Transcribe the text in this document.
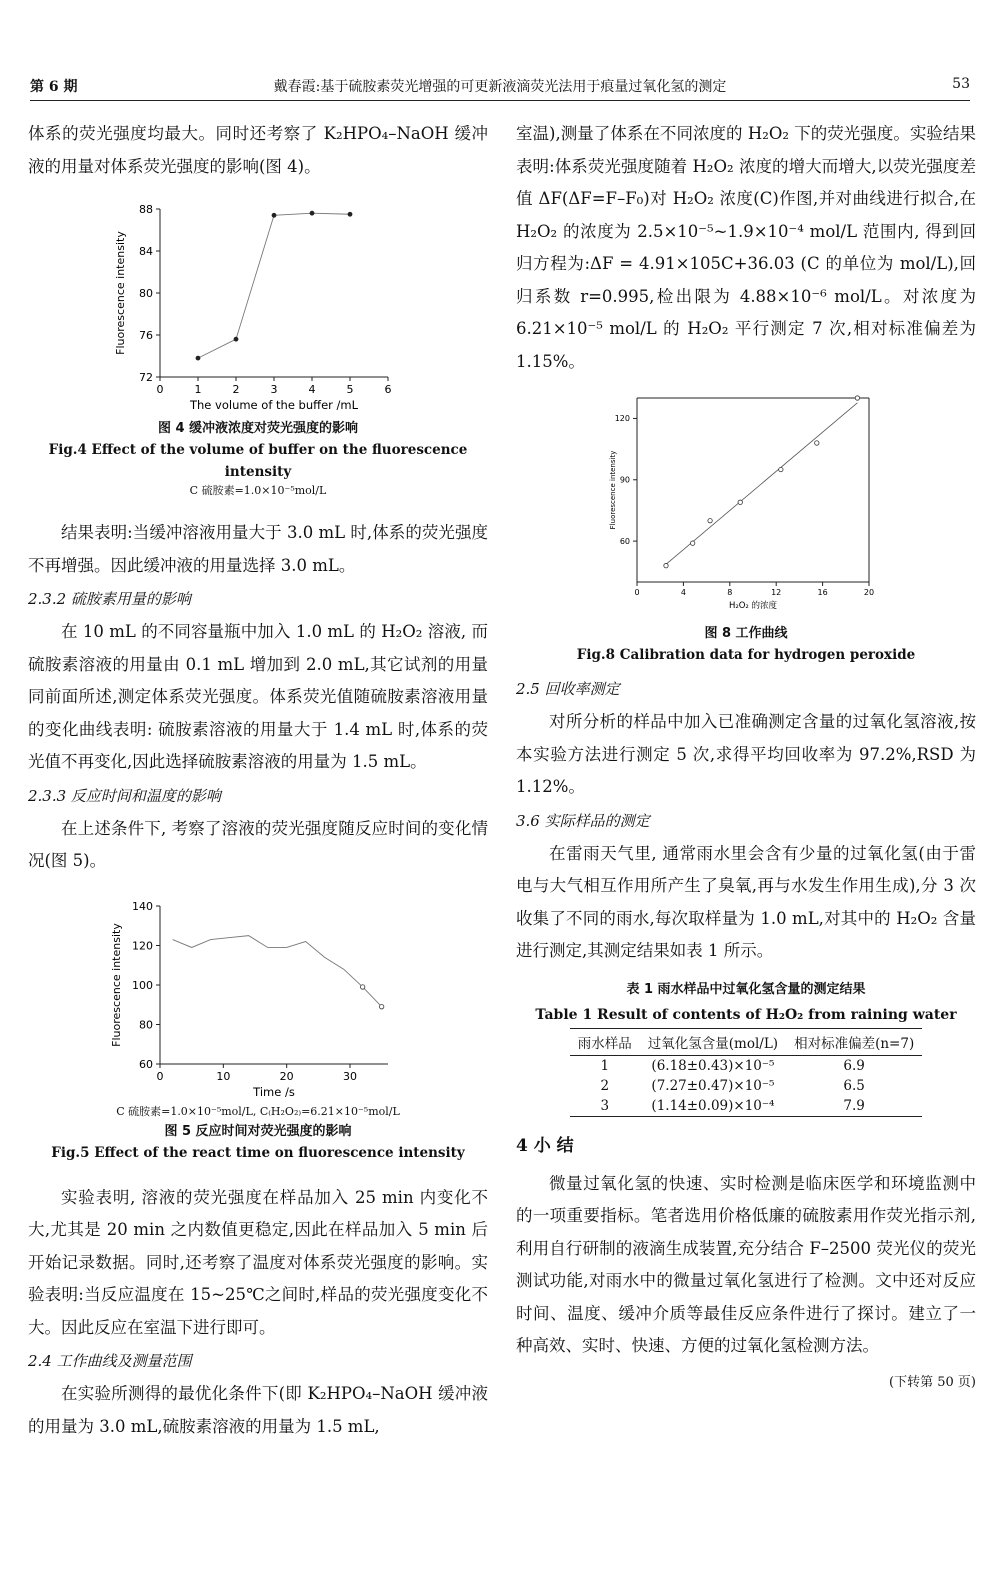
第 6 期	戴春霞:基于硫胺素荧光增强的可更新液滴荧光法用于痕量过氧化氢的测定	53

体系的荧光强度均最大。同时还考察了 K₂HPO₄–NaOH 缓冲液的用量对体系荧光强度的影响(图 4)。

0	1	2	3	4	5	6
72
76
80
84
88
The volume of the buffer /mL
Fluorescence intensity
图 4 缓冲液浓度对荧光强度的影响
Fig.4 Effect of the volume of buffer on the fluorescence intensity
C 硫胺素=1.0×10⁻⁵mol/L

结果表明:当缓冲溶液用量大于 3.0 mL 时,体系的荧光强度不再增强。因此缓冲液的用量选择 3.0 mL。

2.3.2 硫胺素用量的影响

在 10 mL 的不同容量瓶中加入 1.0 mL 的 H₂O₂ 溶液, 而硫胺素溶液的用量由 0.1 mL 增加到 2.0 mL,其它试剂的用量同前面所述,测定体系荧光强度。体系荧光值随硫胺素溶液用量的变化曲线表明: 硫胺素溶液的用量大于 1.4 mL 时,体系的荧光值不再变化,因此选择硫胺素溶液的用量为 1.5 mL。

2.3.3 反应时间和温度的影响

在上述条件下, 考察了溶液的荧光强度随反应时间的变化情况(图 5)。

0	10	20	30
60
80
100
120
140
Time /s
Fluorescence intensity
C 硫胺素=1.0×10⁻⁵mol/L, C₍H₂O₂₎=6.21×10⁻⁵mol/L
图 5 反应时间对荧光强度的影响
Fig.5 Effect of the react time on fluorescence intensity

实验表明, 溶液的荧光强度在样品加入 25 min 内变化不大,尤其是 20 min 之内数值更稳定,因此在样品加入 5 min 后开始记录数据。同时,还考察了温度对体系荧光强度的影响。实验表明:当反应温度在 15~25℃之间时,样品的荧光强度变化不大。因此反应在室温下进行即可。

2.4 工作曲线及测量范围

在实验所测得的最优化条件下(即 K₂HPO₄–NaOH 缓冲液的用量为 3.0 mL,硫胺素溶液的用量为 1.5 mL,

室温),测量了体系在不同浓度的 H₂O₂ 下的荧光强度。实验结果表明:体系荧光强度随着 H₂O₂ 浓度的增大而增大,以荧光强度差值 ΔF(ΔF=F–F₀)对 H₂O₂ 浓度(C)作图,并对曲线进行拟合,在 H₂O₂ 的浓度为 2.5×10⁻⁵~1.9×10⁻⁴ mol/L 范围内, 得到回归方程为:ΔF = 4.91×105C+36.03 (C 的单位为 mol/L),回归系数 r=0.995,检出限为 4.88×10⁻⁶ mol/L。对浓度为 6.21×10⁻⁵ mol/L 的 H₂O₂ 平行测定 7 次,相对标准偏差为 1.15%。

0	4	8	12	16	20
60
90
120
H₂O₂ 的浓度
Fluorescence intensity
图 8 工作曲线
Fig.8 Calibration data for hydrogen peroxide
2.5 回收率测定

对所分析的样品中加入已准确测定含量的过氧化氢溶液,按本实验方法进行测定 5 次,求得平均回收率为 97.2%,RSD 为 1.12%。

3.6 实际样品的测定

在雷雨天气里, 通常雨水里会含有少量的过氧化氢(由于雷电与大气相互作用所产生了臭氧,再与水发生作用生成),分 3 次收集了不同的雨水,每次取样量为 1.0 mL,对其中的 H₂O₂ 含量进行测定,其测定结果如表 1 所示。

表 1 雨水样品中过氧化氢含量的测定结果
Table 1 Result of contents of H₂O₂ from raining water
雨水样品	过氧化氢含量(mol/L)	相对标准偏差(n=7)
1	(6.18±0.43)×10⁻⁵	6.9
2	(7.27±0.47)×10⁻⁵	6.5
3	(1.14±0.09)×10⁻⁴	7.9
4 小 结

微量过氧化氢的快速、实时检测是临床医学和环境监测中的一项重要指标。笔者选用价格低廉的硫胺素用作荧光指示剂,利用自行研制的液滴生成装置,充分结合 F–2500 荧光仪的荧光测试功能,对雨水中的微量过氧化氢进行了检测。文中还对反应时间、温度、缓冲介质等最佳反应条件进行了探讨。建立了一种高效、实时、快速、方便的过氧化氢检测方法。

(下转第 50 页)
